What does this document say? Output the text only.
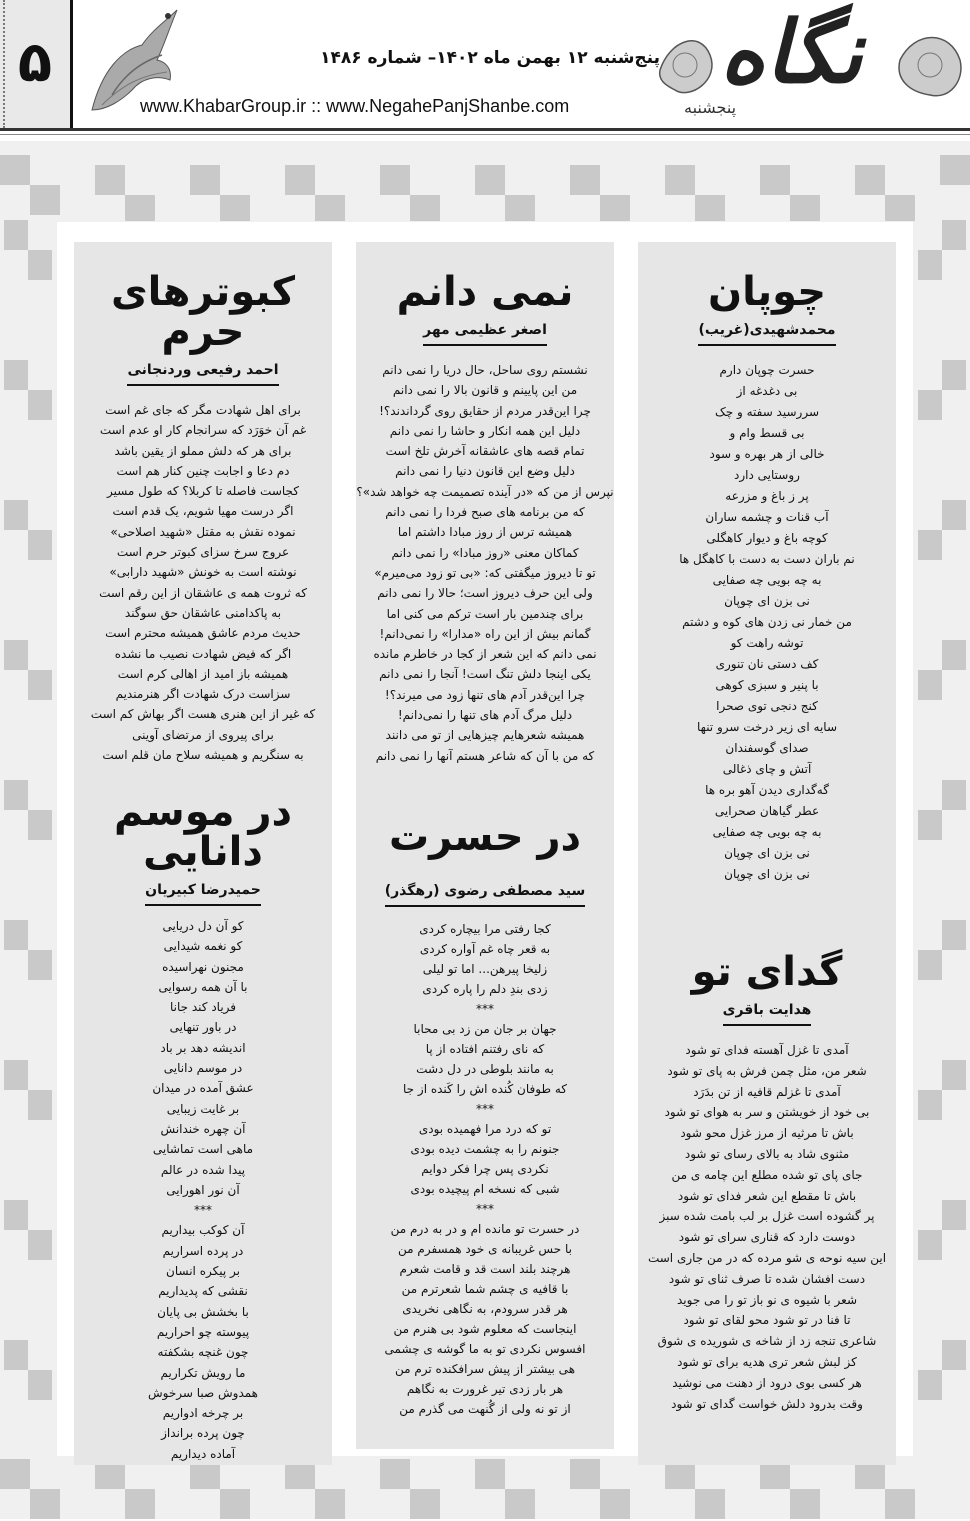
۵	پنج‌شنبه ۱۲ بهمن ماه ۱۴۰۲– شماره ۱۴۸۶
www.KhabarGroup.ir :: www.NegahePanjShanbe.com
نگاه
پنجشنبه
چوپان
محمدشهیدی(غریب)
حسرت چوپان دارم
بی دغدغه از
سررسید سفته و چک
بی قسط وام و
خالی از هر بهره و سود
روستایی دارد
پر ز باغ و مزرعه
آب قنات و چشمه ساران
کوچه باغ و دیوار کاهگلی
نم باران دست به دست با کاهگل ها
به چه بویی چه صفایی
نی بزن ای چوپان
من خمار نی زدن های کوه و دشتم
توشه راهت کو
کف دستی نان تنوری
با پنیر و سبزی کوهی
کنج دنجی توی صحرا
سایه ای زیر درخت سرو تنها
صدای گوسفندان
آتش و چای ذغالی
گه‌گداری دیدن آهو بره ها
عطر گیاهان صحرایی
به چه بویی چه صفایی
نی بزن ای چوپان
نی بزن ای چوپان
نمی دانم
اصغر عظیمی مهر
نشستم روی ساحل، حال دریا را نمی دانم
من این پایینم و قانون بالا را نمی دانم
چرا این‌قدر مردم از حقایق روی گرداندند؟!
دلیل این همه انکار و حاشا را نمی دانم
تمام قصه های عاشقانه آخرش تلخ است
دلیل وضع این قانون دنیا را نمی دانم
نپرس از من که «در آینده تصمیمت چه خواهد شد»؟
که من برنامه های صبح فردا را نمی دانم
همیشه ترس از روز مبادا داشتم اما
کماکان معنی «روز مبادا» را نمی دانم
تو تا دیروز میگفتی که: «بی تو زود می‌میرم»
ولی این حرف دیروز است؛ حالا را نمی دانم
برای چندمین بار است ترکم می کنی اما
گمانم بیش از این راه «مدارا» را نمی‌دانم!
نمی دانم که این شعر از کجا در خاطرم مانده
یکی اینجا دلش تنگ است! آنجا را نمی دانم
چرا این‌قدر آدم های تنها زود می میرند؟!
دلیل مرگ آدم های تنها را نمی‌دانم!
همیشه شعرهایم چیزهایی از تو می دانند
که من با آن که شاعر هستم آنها را نمی دانم
کبوترهای حرم
احمد رفیعی وردنجانی
برای اهل شهادت مگر که جای غم است
غم آن خوَرَد که سرانجام کار او عدم است
برای هر که دلش مملو از یقین باشد
دم دعا و اجابت چنین کنار هم است
کجاست فاصله تا کربلا؟ که طول مسیر
اگر درست مهیا شویم، یک قدم است
نموده نقش به مقتل «شهید اصلاحی»
عروج سرخ سزای کبوتر حرم است
نوشته است به خونش «شهید دارابی»
که ثروت همه ی عاشقان از این رقم است
به پاکدامنی عاشقان حق سوگند
حدیث مردم عاشق همیشه محترم است
اگر که فیض شهادت نصیب ما نشده
همیشه باز امید از اهالی کرم است
سزاست درک شهادت اگر هنرمندیم
که غیر از این هنری هست اگر بهاش کم است
برای پیروی از مرتضای آوینی
به سنگریم و همیشه سلاح مان قلم است
در حسرت
سید مصطفی رضوی (رهگذر)
کجا رفتی مرا بیچاره کردی
به قعر چاه غم آواره کردی
زلیخا پیرهن... اما تو لیلی
زدی بندِ دلم را پاره کردی
***
جهان بر جان من زد بی محابا
که نای رفتنم افتاده از پا
به مانند بلوطی در دل دشت
که طوفان کُنده اش را کَنده از جا
***
تو که درد مرا فهمیده بودی
جنونم را به چشمت دیده بودی
نکردی پس چرا فکر دوایم
شبی که نسخه ام پیچیده بودی
***
در حسرت تو مانده ام و در به درم من
با حس غریبانه ی خود همسفرم من
هرچند بلند است قد و قامت شعرم
با قافیه ی چشم شما شعرترم من
هر قدر سرودم، به نگاهی نخریدی
اینجاست که معلوم شود بی هنرم من
افسوس نکردی تو به ما گوشه ی چشمی
هی بیشتر از پیش سرافکنده ترم من
هر بار زدی تیر غرورت به نگاهم
از تو نه ولی از گُنهت می گذرم من
در موسم دانایی
حمیدرضا کبیریان
کو آن دل دریایی
کو نغمه شیدایی
مجنون نهراسیده
با آن همه رسوایی
فریاد کند جانا
در باور تنهایی
اندیشه دهد بر باد
در موسم دانایی
عشق آمده در میدان
بر غایت زیبایی
آن چهره خندانش
ماهی است تماشایی
پیدا شده در عالم
آن نور اهورایی
***
آن کوکب بیداریم
در پرده اسراریم
بر پیکره انسان
نقشی که پدیداریم
با بخشش بی پایان
پیوسته چو احراریم
چون غنچه بشکفته
ما رویش تکراریم
همدوش صبا سرخوش
بر چرخه ادواریم
چون پرده برانداز
آماده دیداریم
گدای تو
هدایت باقری
آمدی تا غزل آهسته فدای تو شود
شعر من، مثل چمن فرش به پای تو شود
آمدی تا غزلم قافیه از تن بدَرَد
بی خود از خویشتن و سر به هوای تو شود
باش تا مرثیه از مرز غزل محو شود
مثنوی شاد به بالای رسای تو شود
جای پای تو شده مطلع این چامه ی من
باش تا مقطع این شعر فدای تو شود
پر گشوده است غزل بر لب بامت شده سبز
دوست دارد که قناری سرای تو شود
این سیه نوحه ی شو مرده که در من جاری است
دست افشان شده تا صرف ثنای تو شود
شعر با شیوه ی نو باز تو را می جوید
تا فنا در تو شود محو لقای تو شود
شاعری تنجه زد از شاخه ی شوریده ی شوق
کز لبش شعر تری هدیه برای تو شود
هر کسی بوی درود از دهنت می نوشید
وقت بدرود دلش خواست گدای تو شود
